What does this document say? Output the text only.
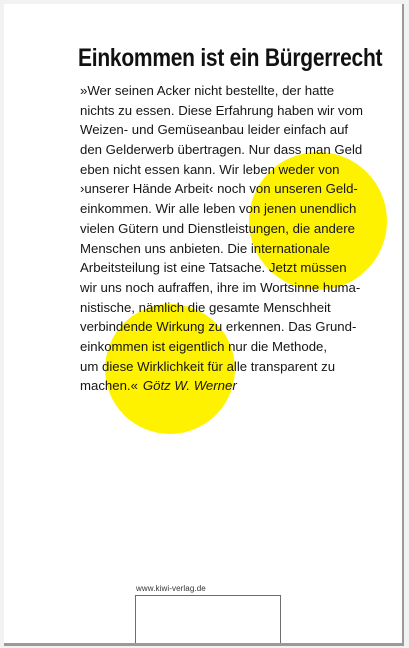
Einkommen ist ein Bürgerrecht
»Wer seinen Acker nicht bestellte, der hatte
nichts zu essen. Diese Erfahrung haben wir vom
Weizen- und Gemüseanbau leider einfach auf
den Gelderwerb übertragen. Nur dass man Geld
eben nicht essen kann. Wir leben weder von
›unserer Hände Arbeit‹ noch von unseren Geld-
einkommen. Wir alle leben von jenen unendlich
vielen Gütern und Dienstleistungen, die andere
Menschen uns anbieten. Die internationale
Arbeitsteilung ist eine Tatsache. Jetzt müssen
wir uns noch aufraffen, ihre im Wortsinne huma-
nistische, nämlich die gesamte Menschheit
verbindende Wirkung zu erkennen. Das Grund-
einkommen ist eigentlich nur die Methode,
um diese Wirklichkeit für alle transparent zu
machen.« Götz W. Werner
www.kiwi-verlag.de
